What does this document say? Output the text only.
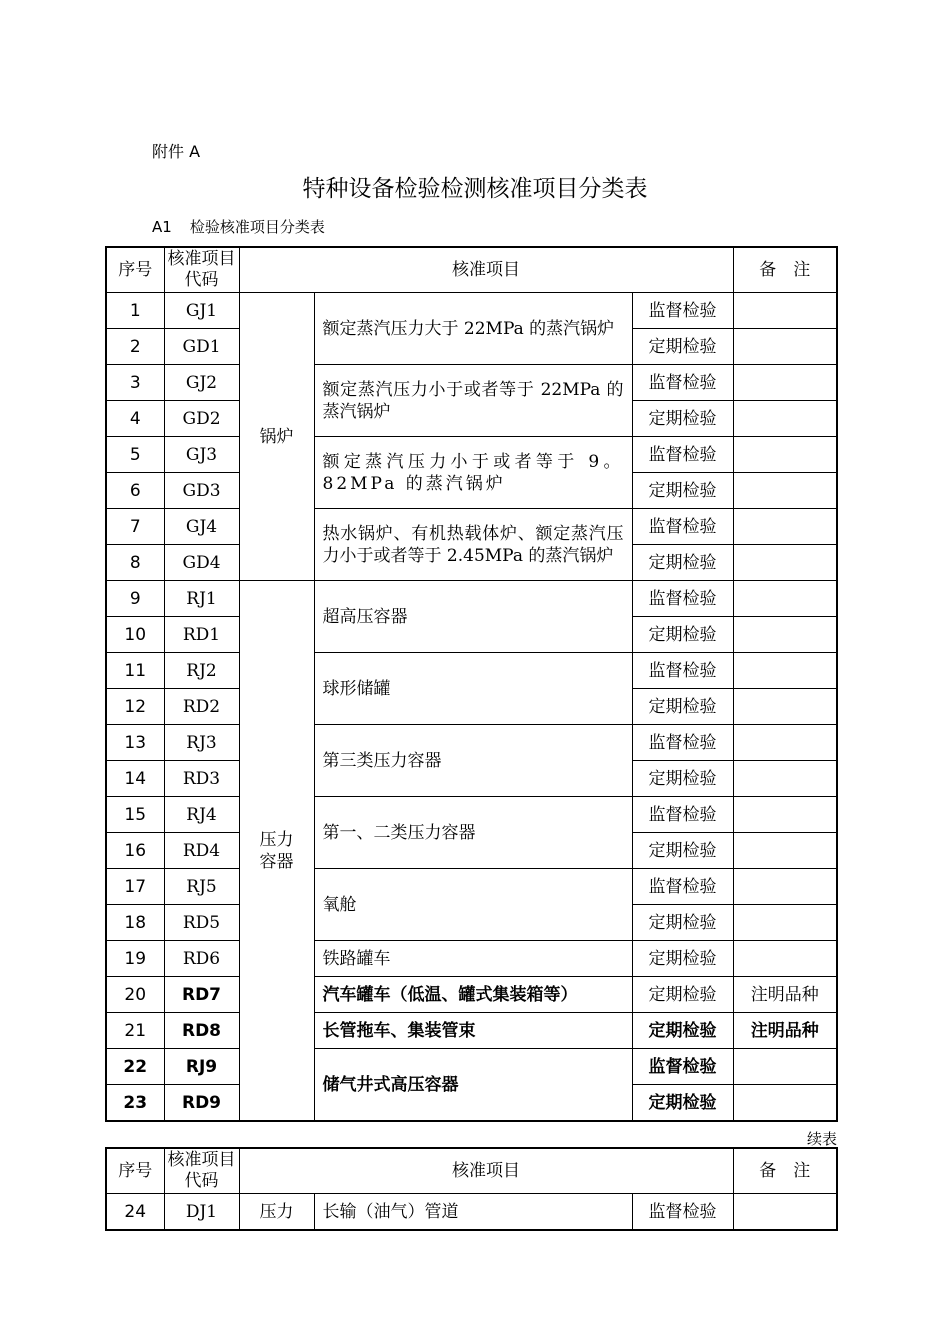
附件 A
特种设备检验检测核准项目分类表
A1 检验核准项目分类表
序号	核准项目代码	核准项目			备　注
1	GJ1	锅炉	额定蒸汽压力大于 22MPa 的蒸汽锅炉	监督检验	
2	GD1			定期检验	
3	GJ2		额定蒸汽压力小于或者等于 22MPa 的蒸汽锅炉	监督检验	
4	GD2			定期检验	
5	GJ3		额定蒸汽压力小于或者等于 9。82MPa 的蒸汽锅炉	监督检验	
6	GD3			定期检验	
7	GJ4		热水锅炉、有机热载体炉、额定蒸汽压力小于或者等于 2.45MPa 的蒸汽锅炉	监督检验	
8	GD4			定期检验	
9	RJ1	压力容器	超高压容器	监督检验	
10	RD1			定期检验	
11	RJ2		球形储罐	监督检验	
12	RD2			定期检验	
13	RJ3		第三类压力容器	监督检验	
14	RD3			定期检验	
15	RJ4		第一、二类压力容器	监督检验	
16	RD4			定期检验	
17	RJ5		氧舱	监督检验	
18	RD5			定期检验	
19	RD6		铁路罐车	定期检验	
20	RD7		汽车罐车（低温、罐式集装箱等）	定期检验	注明品种
21	RD8		长管拖车、集装管束	定期检验	注明品种
22	RJ9		储气井式高压容器	监督检验	
23	RD9			定期检验	
续表
序号	核准项目代码	核准项目			备　注
24	DJ1	压力	长输（油气）管道	监督检验	
